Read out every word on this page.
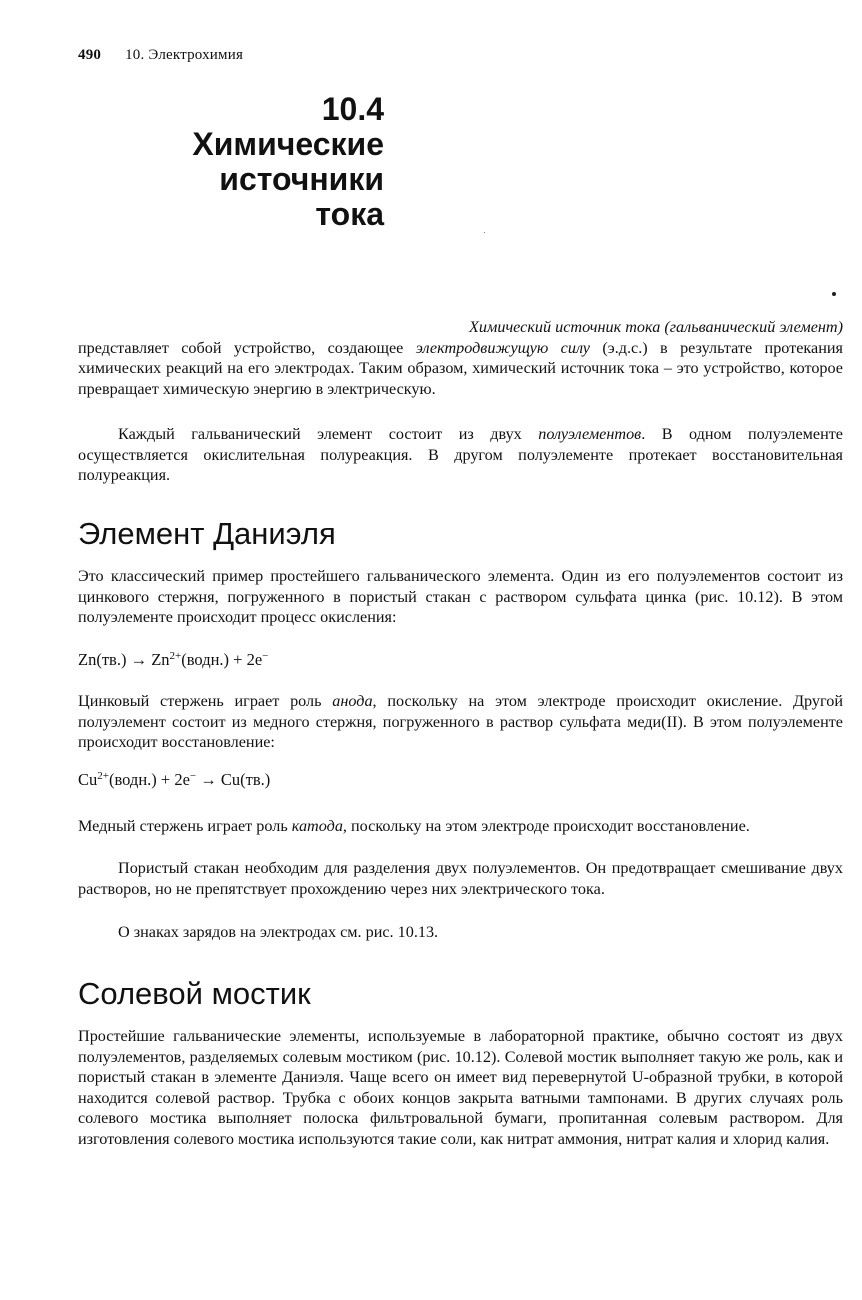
490 10. Электрохимия
10.4
Химические
источники
тока

Химический источник тока (гальванический элемент)
представляет собой устройство, создающее электродвижущую силу (э.д.с.) в результате протекания химических реакций на его электродах. Таким образом, химический источник тока – это устройство, которое превращает химическую энергию в электрическую.

Каждый гальванический элемент состоит из двух полуэлементов. В одном полуэлементе осуществляется окислительная полуреакция. В другом полуэлементе протекает восстановительная полуреакция.

Элемент Даниэля

Это классический пример простейшего гальванического элемента. Один из его полуэлементов состоит из цинкового стержня, погруженного в пористый стакан с раствором сульфата цинка (рис. 10.12). В этом полуэлементе происходит процесс окисления:

$Zn(тв.) \to Zn^{2+}(водн.) + 2e^-$

Цинковый стержень играет роль анода, поскольку на этом электроде происходит окисление. Другой полуэлемент состоит из медного стержня, погруженного в раствор сульфата меди(II). В этом полуэлементе происходит восстановление:

$Cu^{2+}(водн.) + 2e^- \to Cu(тв.)$

Медный стержень играет роль катода, поскольку на этом электроде происходит восстановление.

Пористый стакан необходим для разделения двух полуэлементов. Он предотвращает смешивание двух растворов, но не препятствует прохождению через них электрического тока.

О знаках зарядов на электродах см. рис. 10.13.

Солевой мостик

Простейшие гальванические элементы, используемые в лабораторной практике, обычно состоят из двух полуэлементов, разделяемых солевым мостиком (рис. 10.12). Солевой мостик выполняет такую же роль, как и пористый стакан в элементе Даниэля. Чаще всего он имеет вид перевернутой U-образной трубки, в которой находится солевой раствор. Трубка с обоих концов закрыта ватными тампонами. В других случаях роль солевого мостика выполняет полоска фильтровальной бумаги, пропитанная солевым раствором. Для изготовления солевого мостика используются такие соли, как нитрат аммония, нитрат калия и хлорид калия.
